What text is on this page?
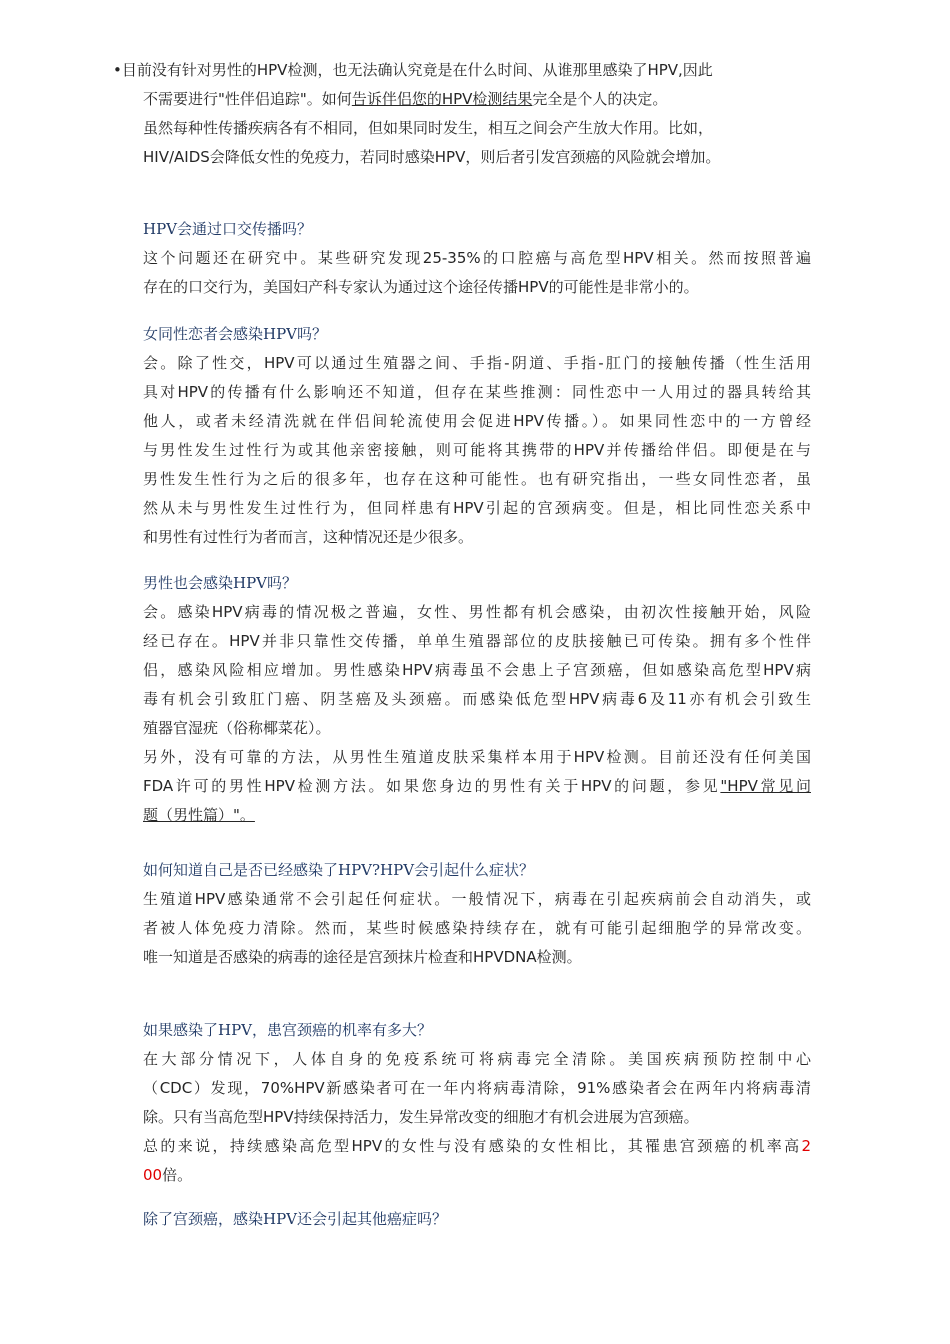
•目前没有针对男性的HPV检测，也无法确认究竟是在什么时间、从谁那里感染了HPV,因此
不需要进行"性伴侣追踪"。如何告诉伴侣您的HPV检测结果完全是个人的决定。
虽然每种性传播疾病各有不相同，但如果同时发生，相互之间会产生放大作用。比如，
HIV/AIDS会降低女性的免疫力，若同时感染HPV，则后者引发宫颈癌的风险就会增加。
HPV会通过口交传播吗？
这个问题还在研究中。某些研究发现25-35%的口腔癌与高危型HPV相关。然而按照普遍
存在的口交行为，美国妇产科专家认为通过这个途径传播HPV的可能性是非常小的。
女同性恋者会感染HPV吗？
会。除了性交，HPV可以通过生殖器之间、手指-阴道、手指-肛门的接触传播（性生活用
具对HPV的传播有什么影响还不知道，但存在某些推测：同性恋中一人用过的器具转给其
他人，或者未经清洗就在伴侣间轮流使用会促进HPV传播。）。如果同性恋中的一方曾经
与男性发生过性行为或其他亲密接触，则可能将其携带的HPV并传播给伴侣。即便是在与
男性发生性行为之后的很多年，也存在这种可能性。也有研究指出，一些女同性恋者，虽
然从未与男性发生过性行为，但同样患有HPV引起的宫颈病变。但是，相比同性恋关系中
和男性有过性行为者而言，这种情况还是少很多。
男性也会感染HPV吗？
会。感染HPV病毒的情况极之普遍，女性、男性都有机会感染，由初次性接触开始，风险
经已存在。HPV并非只靠性交传播，单单生殖器部位的皮肤接触已可传染。拥有多个性伴
侣，感染风险相应增加。男性感染HPV病毒虽不会患上子宫颈癌，但如感染高危型HPV病
毒有机会引致肛门癌、阴茎癌及头颈癌。而感染低危型HPV病毒6及11亦有机会引致生
殖器官湿疣（俗称椰菜花）。
另外，没有可靠的方法，从男性生殖道皮肤采集样本用于HPV检测。目前还没有任何美国
FDA许可的男性HPV检测方法。如果您身边的男性有关于HPV的问题，参见"HPV常见问
题（男性篇）"。
如何知道自己是否已经感染了HPV?HPV会引起什么症状？
生殖道HPV感染通常不会引起任何症状。一般情况下，病毒在引起疾病前会自动消失，或
者被人体免疫力清除。然而，某些时候感染持续存在，就有可能引起细胞学的异常改变。
唯一知道是否感染的病毒的途径是宫颈抹片检查和HPVDNA检测。
如果感染了HPV，患宫颈癌的机率有多大？
在大部分情况下，人体自身的免疫系统可将病毒完全清除。美国疾病预防控制中心
（CDC）发现，70%HPV新感染者可在一年内将病毒清除，91%感染者会在两年内将病毒清
除。只有当高危型HPV持续保持活力，发生异常改变的细胞才有机会进展为宫颈癌。
总的来说，持续感染高危型HPV的女性与没有感染的女性相比，其罹患宫颈癌的机率高2
00倍。
除了宫颈癌，感染HPV还会引起其他癌症吗？
